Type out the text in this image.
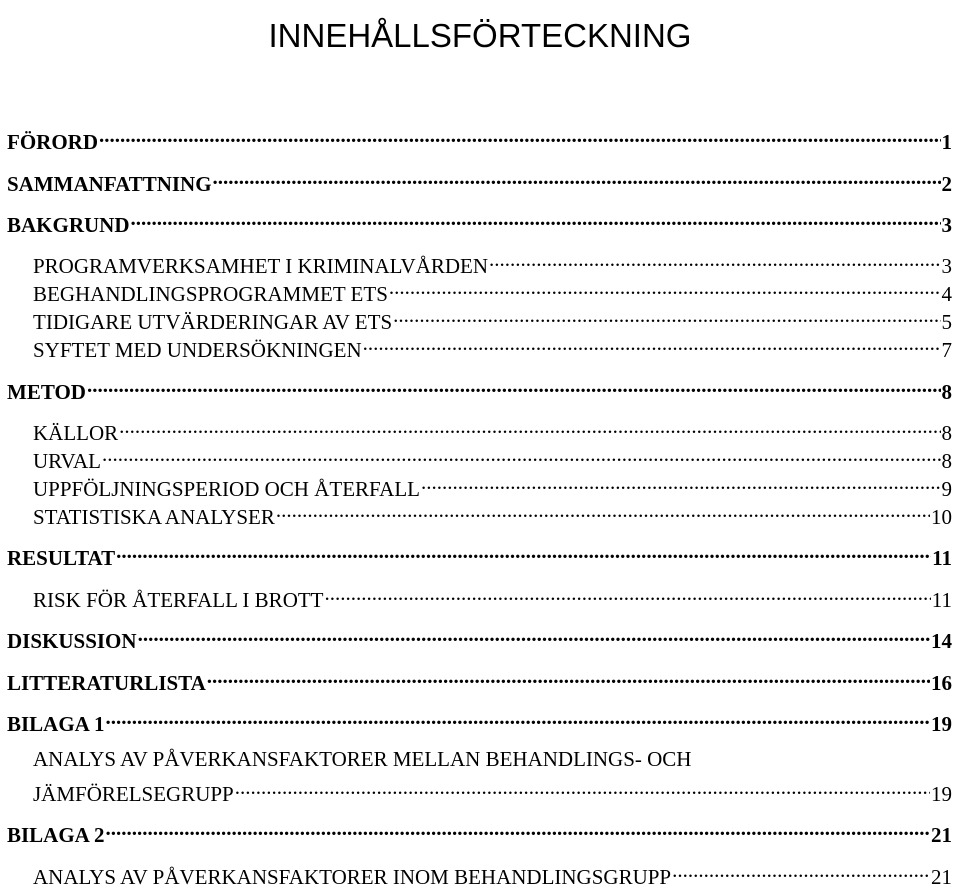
INNEHÅLLSFÖRTECKNING
FÖRORD .....	1
SAMMANFATTNING .....	2
BAKGRUND .....	3
PROGRAMVERKSAMHET I KRIMINALVÅRDEN .....	3
BEGHANDLINGSPROGRAMMET ETS .....	4
TIDIGARE UTVÄRDERINGAR AV ETS .....	5
SYFTET MED UNDERSÖKNINGEN .....	7
METOD .....	8
KÄLLOR .....	8
URVAL .....	8
UPPFÖLJNINGSPERIOD OCH ÅTERFALL .....	9
STATISTISKA ANALYSER .....	10
RESULTAT .....	11
RISK FÖR ÅTERFALL I BROTT .....	11
DISKUSSION .....	14
LITTERATURLISTA .....	16
BILAGA 1 .....	19
ANALYS AV PÅVERKANSFAKTORER MELLAN BEHANDLINGS- OCH
JÄMFÖRELSEGRUPP .....	19
BILAGA 2 .....	21
ANALYS AV PÅVERKANSFAKTORER INOM BEHANDLINGSGRUPP .....	21
